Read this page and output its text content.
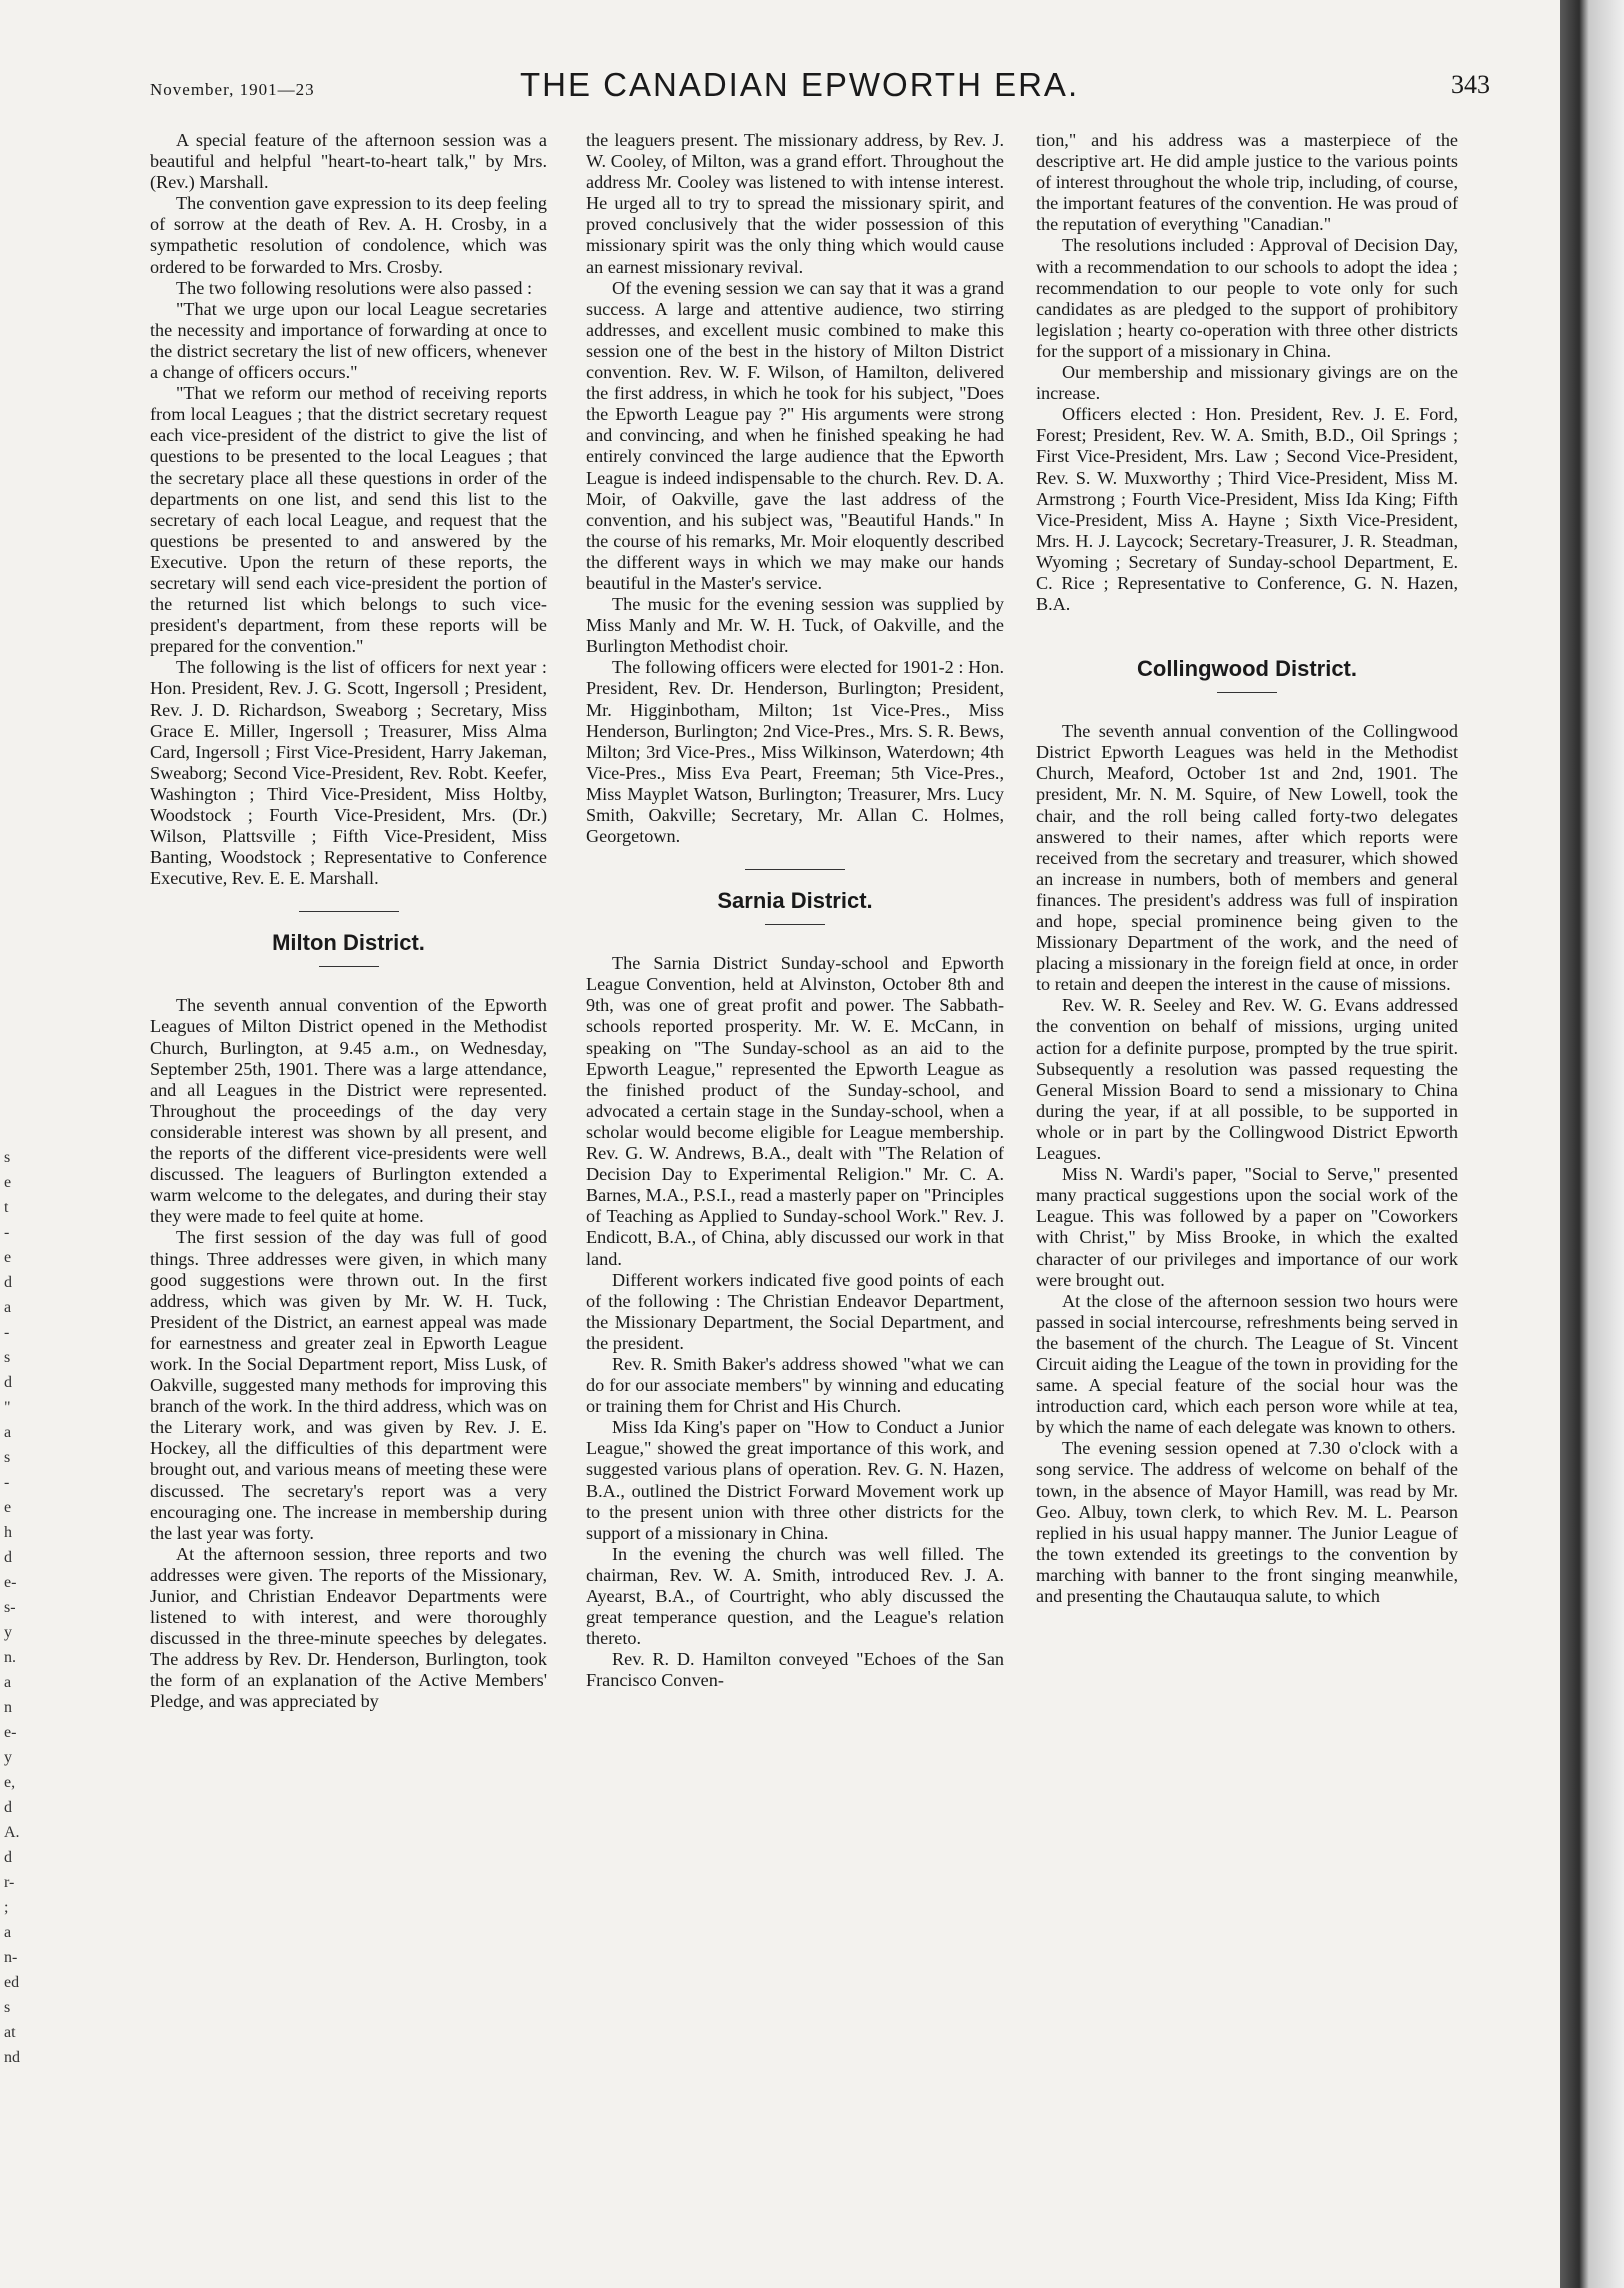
s
e
t
-
e
d
a
-
s
d
"
a
s
-
e
h
d
e-
s-
y
n.
a
n
e-
y
e,
d
A.
d
r-
;
a
n-
ed
s
at
nd
November, 1901—23	THE CANADIAN EPWORTH ERA.	343

A special feature of the afternoon session was a beautiful and helpful "heart-to-heart talk," by Mrs. (Rev.) Marshall.

The convention gave expression to its deep feeling of sorrow at the death of Rev. A. H. Crosby, in a sympathetic resolution of condolence, which was ordered to be forwarded to Mrs. Crosby.

The two following resolutions were also passed :

"That we urge upon our local League secretaries the necessity and importance of forwarding at once to the district secretary the list of new officers, whenever a change of officers occurs."

"That we reform our method of receiving reports from local Leagues ; that the district secretary request each vice-president of the district to give the list of questions to be presented to the local Leagues ; that the secretary place all these questions in order of the departments on one list, and send this list to the secretary of each local League, and request that the questions be presented to and answered by the Executive. Upon the return of these reports, the secretary will send each vice-president the portion of the returned list which belongs to such vice-president's department, from these reports will be prepared for the convention."

The following is the list of officers for next year : Hon. President, Rev. J. G. Scott, Ingersoll ; President, Rev. J. D. Richardson, Sweaborg ; Secretary, Miss Grace E. Miller, Ingersoll ; Treasurer, Miss Alma Card, Ingersoll ; First Vice-President, Harry Jakeman, Sweaborg; Second Vice-President, Rev. Robt. Keefer, Washington ; Third Vice-President, Miss Holtby, Woodstock ; Fourth Vice-President, Mrs. (Dr.) Wilson, Plattsville ; Fifth Vice-President, Miss Banting, Woodstock ; Representative to Conference Executive, Rev. E. E. Marshall.

Milton District.

The seventh annual convention of the Epworth Leagues of Milton District opened in the Methodist Church, Burlington, at 9.45 a.m., on Wednesday, September 25th, 1901. There was a large attendance, and all Leagues in the District were represented. Throughout the proceedings of the day very considerable interest was shown by all present, and the reports of the different vice-presidents were well discussed. The leaguers of Burlington extended a warm welcome to the delegates, and during their stay they were made to feel quite at home.

The first session of the day was full of good things. Three addresses were given, in which many good suggestions were thrown out. In the first address, which was given by Mr. W. H. Tuck, President of the District, an earnest appeal was made for earnestness and greater zeal in Epworth League work. In the Social Department report, Miss Lusk, of Oakville, suggested many methods for improving this branch of the work. In the third address, which was on the Literary work, and was given by Rev. J. E. Hockey, all the difficulties of this department were brought out, and various means of meeting these were discussed. The secretary's report was a very encouraging one. The increase in membership during the last year was forty.

At the afternoon session, three reports and two addresses were given. The reports of the Missionary, Junior, and Christian Endeavor Departments were listened to with interest, and were thoroughly discussed in the three-minute speeches by delegates. The address by Rev. Dr. Henderson, Burlington, took the form of an explanation of the Active Members' Pledge, and was appreciated by

the leaguers present. The missionary address, by Rev. J. W. Cooley, of Milton, was a grand effort. Throughout the address Mr. Cooley was listened to with intense interest. He urged all to try to spread the missionary spirit, and proved conclusively that the wider possession of this missionary spirit was the only thing which would cause an earnest missionary revival.

Of the evening session we can say that it was a grand success. A large and attentive audience, two stirring addresses, and excellent music combined to make this session one of the best in the history of Milton District convention. Rev. W. F. Wilson, of Hamilton, delivered the first address, in which he took for his subject, "Does the Epworth League pay ?" His arguments were strong and convincing, and when he finished speaking he had entirely convinced the large audience that the Epworth League is indeed indispensable to the church. Rev. D. A. Moir, of Oakville, gave the last address of the convention, and his subject was, "Beautiful Hands." In the course of his remarks, Mr. Moir eloquently described the different ways in which we may make our hands beautiful in the Master's service.

The music for the evening session was supplied by Miss Manly and Mr. W. H. Tuck, of Oakville, and the Burlington Methodist choir.

The following officers were elected for 1901-2 : Hon. President, Rev. Dr. Henderson, Burlington; President, Mr. Higginbotham, Milton; 1st Vice-Pres., Miss Henderson, Burlington; 2nd Vice-Pres., Mrs. S. R. Bews, Milton; 3rd Vice-Pres., Miss Wilkinson, Waterdown; 4th Vice-Pres., Miss Eva Peart, Freeman; 5th Vice-Pres., Miss Mayplet Watson, Burlington; Treasurer, Mrs. Lucy Smith, Oakville; Secretary, Mr. Allan C. Holmes, Georgetown.

Sarnia District.

The Sarnia District Sunday-school and Epworth League Convention, held at Alvinston, October 8th and 9th, was one of great profit and power. The Sabbath-schools reported prosperity. Mr. W. E. McCann, in speaking on "The Sunday-school as an aid to the Epworth League," represented the Epworth League as the finished product of the Sunday-school, and advocated a certain stage in the Sunday-school, when a scholar would become eligible for League membership. Rev. G. W. Andrews, B.A., dealt with "The Relation of Decision Day to Experimental Religion." Mr. C. A. Barnes, M.A., P.S.I., read a masterly paper on "Principles of Teaching as Applied to Sunday-school Work." Rev. J. Endicott, B.A., of China, ably discussed our work in that land.

Different workers indicated five good points of each of the following : The Christian Endeavor Department, the Missionary Department, the Social Department, and the president.

Rev. R. Smith Baker's address showed "what we can do for our associate members" by winning and educating or training them for Christ and His Church.

Miss Ida King's paper on "How to Conduct a Junior League," showed the great importance of this work, and suggested various plans of operation. Rev. G. N. Hazen, B.A., outlined the District Forward Movement work up to the present union with three other districts for the support of a missionary in China.

In the evening the church was well filled. The chairman, Rev. W. A. Smith, introduced Rev. J. A. Ayearst, B.A., of Courtright, who ably discussed the great temperance question, and the League's relation thereto.

Rev. R. D. Hamilton conveyed "Echoes of the San Francisco Conven-

tion," and his address was a masterpiece of the descriptive art. He did ample justice to the various points of interest throughout the whole trip, including, of course, the important features of the convention. He was proud of the reputation of everything "Canadian."

The resolutions included : Approval of Decision Day, with a recommendation to our schools to adopt the idea ; recommendation to our people to vote only for such candidates as are pledged to the support of prohibitory legislation ; hearty co-operation with three other districts for the support of a missionary in China.

Our membership and missionary givings are on the increase.

Officers elected : Hon. President, Rev. J. E. Ford, Forest; President, Rev. W. A. Smith, B.D., Oil Springs ; First Vice-President, Mrs. Law ; Second Vice-President, Rev. S. W. Muxworthy ; Third Vice-President, Miss M. Armstrong ; Fourth Vice-President, Miss Ida King; Fifth Vice-President, Miss A. Hayne ; Sixth Vice-President, Mrs. H. J. Laycock; Secretary-Treasurer, J. R. Steadman, Wyoming ; Secretary of Sunday-school Department, E. C. Rice ; Representative to Conference, G. N. Hazen, B.A.

Collingwood District.

The seventh annual convention of the Collingwood District Epworth Leagues was held in the Methodist Church, Meaford, October 1st and 2nd, 1901. The president, Mr. N. M. Squire, of New Lowell, took the chair, and the roll being called forty-two delegates answered to their names, after which reports were received from the secretary and treasurer, which showed an increase in numbers, both of members and general finances. The president's address was full of inspiration and hope, special prominence being given to the Missionary Department of the work, and the need of placing a missionary in the foreign field at once, in order to retain and deepen the interest in the cause of missions.

Rev. W. R. Seeley and Rev. W. G. Evans addressed the convention on behalf of missions, urging united action for a definite purpose, prompted by the true spirit. Subsequently a resolution was passed requesting the General Mission Board to send a missionary to China during the year, if at all possible, to be supported in whole or in part by the Collingwood District Epworth Leagues.

Miss N. Wardi's paper, "Social to Serve," presented many practical suggestions upon the social work of the League. This was followed by a paper on "Coworkers with Christ," by Miss Brooke, in which the exalted character of our privileges and importance of our work were brought out.

At the close of the afternoon session two hours were passed in social intercourse, refreshments being served in the basement of the church. The League of St. Vincent Circuit aiding the League of the town in providing for the same. A special feature of the social hour was the introduction card, which each person wore while at tea, by which the name of each delegate was known to others.

The evening session opened at 7.30 o'clock with a song service. The address of welcome on behalf of the town, in the absence of Mayor Hamill, was read by Mr. Geo. Albuy, town clerk, to which Rev. M. L. Pearson replied in his usual happy manner. The Junior League of the town extended its greetings to the convention by marching with banner to the front singing meanwhile, and presenting the Chautauqua salute, to which
